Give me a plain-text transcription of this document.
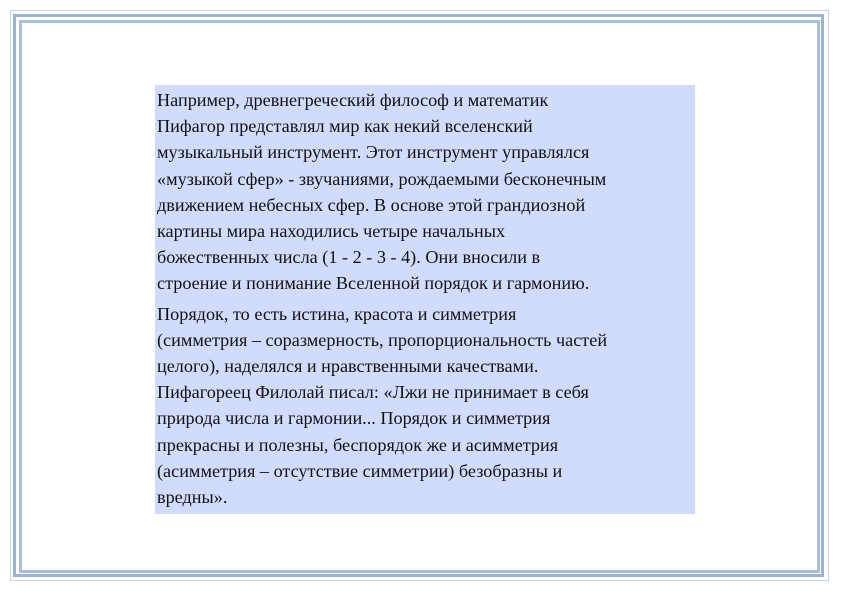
Например, древнегреческий философ и математик
Пифагор представлял мир как некий вселенский
музыкальный инструмент. Этот инструмент управлялся
«музыкой сфер» - звучаниями, рождаемыми бесконечным
движением небесных сфер. В основе этой грандиозной
картины мира находились четыре начальных
божественных числа (1 - 2 - 3 - 4). Они вносили в
строение и понимание Вселенной порядок и гармонию.

Порядок, то есть истина, красота и симметрия
(симметрия – соразмерность, пропорциональность частей
целого), наделялся и нравственными качествами.
Пифагореец Филолай писал: «Лжи не принимает в себя
природа числа и гармонии... Порядок и симметрия
прекрасны и полезны, беспорядок же и асимметрия
(асимметрия – отсутствие симметрии) безобразны и
вредны».
